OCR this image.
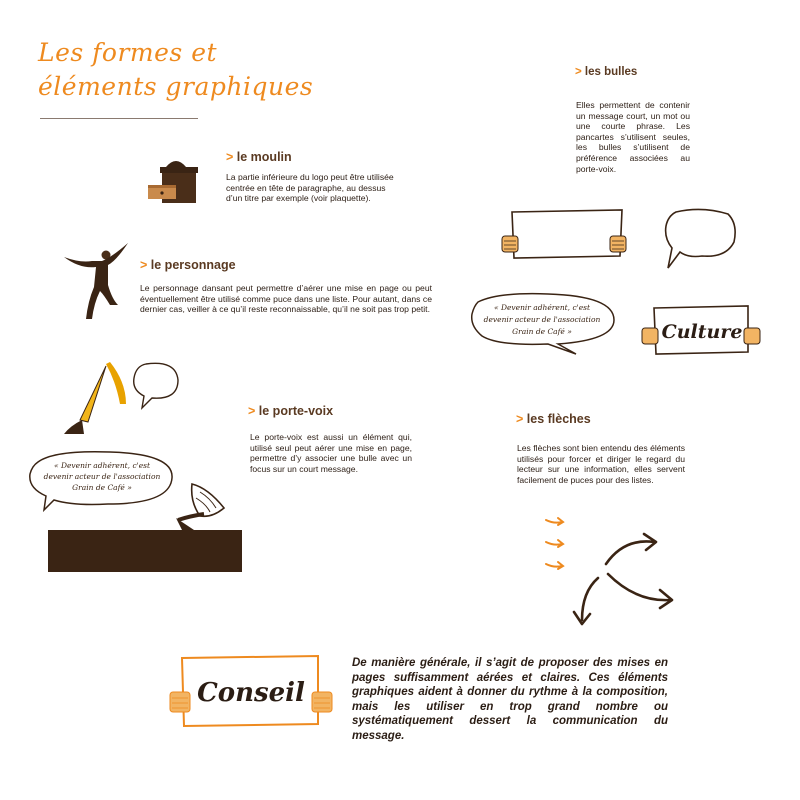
Les formes et
éléments graphiques
> le moulin
La partie inférieure du logo peut être utilisée centrée en tête de paragraphe, au dessus d’un titre par exemple (voir plaquette).
> le personnage
Le personnage dansant peut permettre d’aérer une mise en page ou peut éventuellement être utilisé comme puce dans une liste. Pour autant, dans ce dernier cas, veiller à ce qu’il reste reconnaissable, qu’il ne soit pas trop petit.
> le porte-voix
Le porte-voix est aussi un élément qui, utilisé seul peut aérer une mise en page, permettre d’y associer une bulle avec un focus sur un court message.
« Devenir adhérent, c'est
devenir acteur de l'association
Grain de Café »
> les bulles
Elles permettent de contenir un message court, un mot ou une courte phrase. Les pancartes s’utilisent seules, les bulles s’utilisent de préférence associées au porte-voix.
« Devenir adhérent, c'est
devenir acteur de l'association
Grain de Café »	Culture
> les flèches
Les flèches sont bien entendu des éléments utilisés pour forcer et diriger le regard du lecteur sur une information, elles servent facilement de puces pour des listes.
Conseil
De manière générale, il s’agit de proposer des mises en pages suffisamment aérées et claires. Ces éléments graphiques aident à donner du rythme à la composition, mais les utiliser en trop grand nombre ou systématiquement dessert la communication du message.
